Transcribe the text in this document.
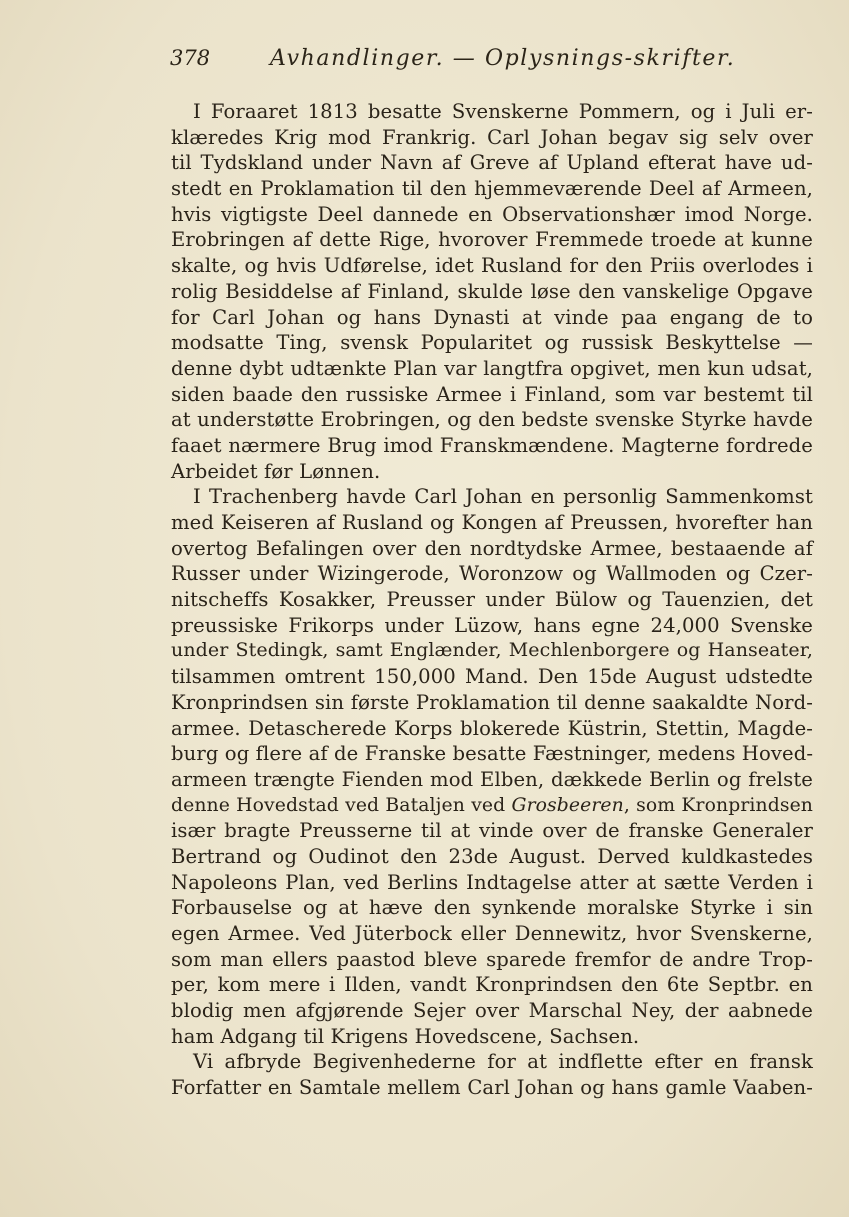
378	Avhandlinger. — Oplysnings-skrifter.
I Foraaret 1813 besatte Svenskerne Pommern, og i Juli er-
klæredes Krig mod Frankrig. Carl Johan begav sig selv over
til Tydskland under Navn af Greve af Upland efterat have ud-
stedt en Proklamation til den hjemmeværende Deel af Armeen,
hvis vigtigste Deel dannede en Observationshær imod Norge.
Erobringen af dette Rige, hvorover Fremmede troede at kunne
skalte, og hvis Udførelse, idet Rusland for den Priis overlodes i
rolig Besiddelse af Finland, skulde løse den vanskelige Opgave
for Carl Johan og hans Dynasti at vinde paa engang de to
modsatte Ting, svensk Popularitet og russisk Beskyttelse —
denne dybt udtænkte Plan var langtfra opgivet, men kun udsat,
siden baade den russiske Armee i Finland, som var bestemt til
at understøtte Erobringen, og den bedste svenske Styrke havde
faaet nærmere Brug imod Franskmændene. Magterne fordrede
Arbeidet før Lønnen.
I Trachenberg havde Carl Johan en personlig Sammenkomst
med Keiseren af Rusland og Kongen af Preussen, hvorefter han
overtog Befalingen over den nordtydske Armee, bestaaende af
Russer under Wizingerode, Woronzow og Wallmoden og Czer-
nitscheffs Kosakker, Preusser under Bülow og Tauenzien, det
preussiske Frikorps under Lüzow, hans egne 24,000 Svenske
under Stedingk, samt Englænder, Mechlenborgere og Hanseater,
tilsammen omtrent 150,000 Mand. Den 15de August udstedte
Kronprindsen sin første Proklamation til denne saakaldte Nord-
armee. Detascherede Korps blokerede Küstrin, Stettin, Magde-
burg og flere af de Franske besatte Fæstninger, medens Hoved-
armeen trængte Fienden mod Elben, dækkede Berlin og frelste
denne Hovedstad ved Bataljen ved Grosbeeren, som Kronprindsen
især bragte Preusserne til at vinde over de franske Generaler
Bertrand og Oudinot den 23de August. Derved kuldkastedes
Napoleons Plan, ved Berlins Indtagelse atter at sætte Verden i
Forbauselse og at hæve den synkende moralske Styrke i sin
egen Armee. Ved Jüterbock eller Dennewitz, hvor Svenskerne,
som man ellers paastod bleve sparede fremfor de andre Trop-
per, kom mere i Ilden, vandt Kronprindsen den 6te Septbr. en
blodig men afgjørende Sejer over Marschal Ney, der aabnede
ham Adgang til Krigens Hovedscene, Sachsen.
Vi afbryde Begivenhederne for at indflette efter en fransk
Forfatter en Samtale mellem Carl Johan og hans gamle Vaaben-
